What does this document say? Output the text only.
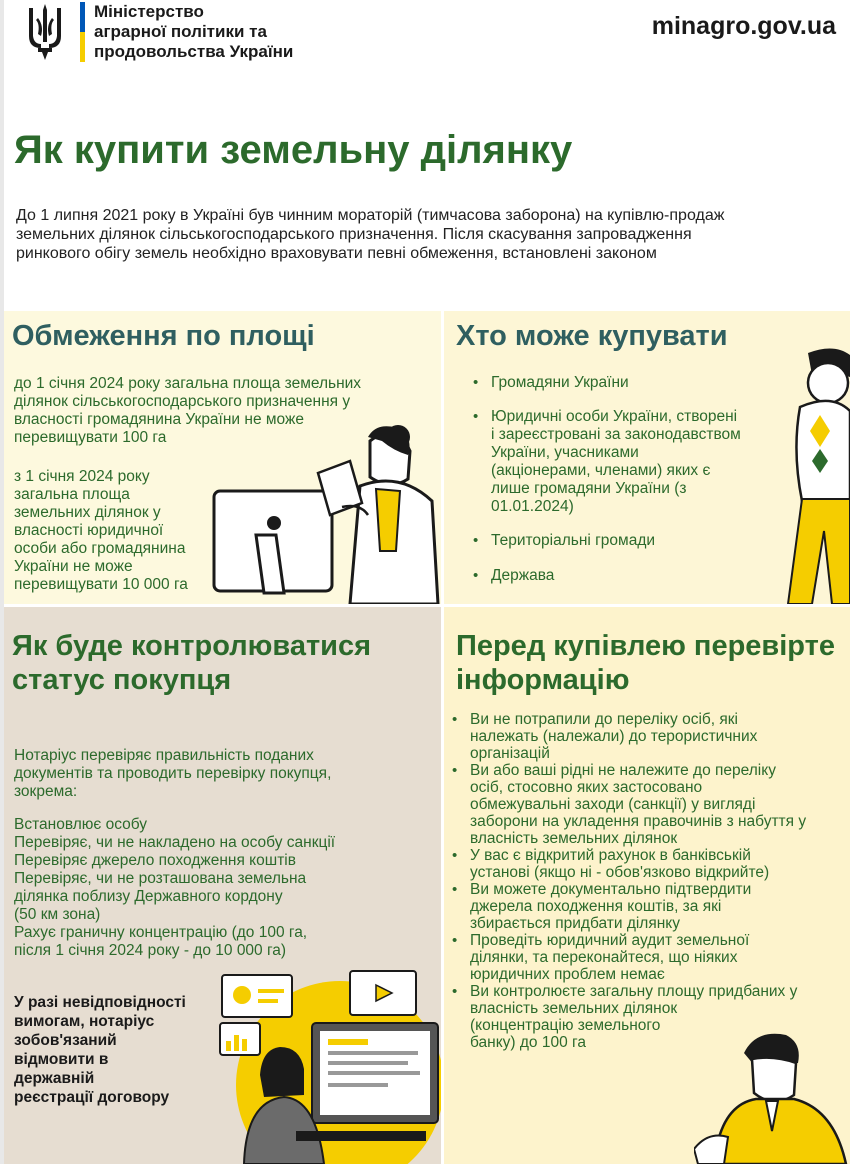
Міністерство
аграрної політики та
продовольства України
minagro.gov.ua
Як купити земельну ділянку
До 1 липня 2021 року в Україні був чинним мораторій (тимчасова заборона) на купівлю-продаж
земельних ділянок сільськогосподарського призначення. Після скасування запровадження
ринкового обігу земель необхідно враховувати певні обмеження, встановлені законом
Обмеження по площі
до 1 січня 2024 року загальна площа земельних
ділянок сільськогосподарського призначення у
власності громадянина України не може
перевищувати 100 га
з 1 січня 2024 року
загальна площа
земельних ділянок у
власності юридичної
особи або громадянина
України не може
перевищувати 10 000 га
Хто може купувати
• Громадяни України
• Юридичні особи України, створені
і зареєстровані за законодавством
України, учасниками
(акціонерами, членами) яких є
лише громадяни України (з
01.01.2024)
• Територіальні громади
• Держава
Як буде контролюватися
статус покупця
Нотаріус перевіряє правильність поданих
документів та проводить перевірку покупця,
зокрема:
Встановлює особу
Перевіряє, чи не накладено на особу санкції
Перевіряє джерело походження коштів
Перевіряє, чи не розташована земельна
ділянка поблизу Державного кордону
(50 км зона)
Рахує граничну концентрацію (до 100 га,
після 1 січня 2024 року - до 10 000 га)
У разі невідповідності
вимогам, нотаріус
зобов'язаний
відмовити в
державній
реєстрації договору
Перед купівлею перевірте
інформацію
• Ви не потрапили до переліку осіб, які
належать (належали) до терористичних
організацій
• Ви або ваші рідні не належите до переліку
осіб, стосовно яких застосовано
обмежувальні заходи (санкції) у вигляді
заборони на укладення правочинів з набуття у
власність земельних ділянок
• У вас є відкритий рахунок в банківській
установі (якщо ні - обов'язково відкрийте)
• Ви можете документально підтвердити
джерела походження коштів, за які
збирається придбати ділянку
• Проведіть юридичний аудит земельної
ділянки, та переконайтеся, що ніяких
юридичних проблем немає
• Ви контролюєте загальну площу придбаних у
власність земельних ділянок
(концентрацію земельного
банку) до 100 га
